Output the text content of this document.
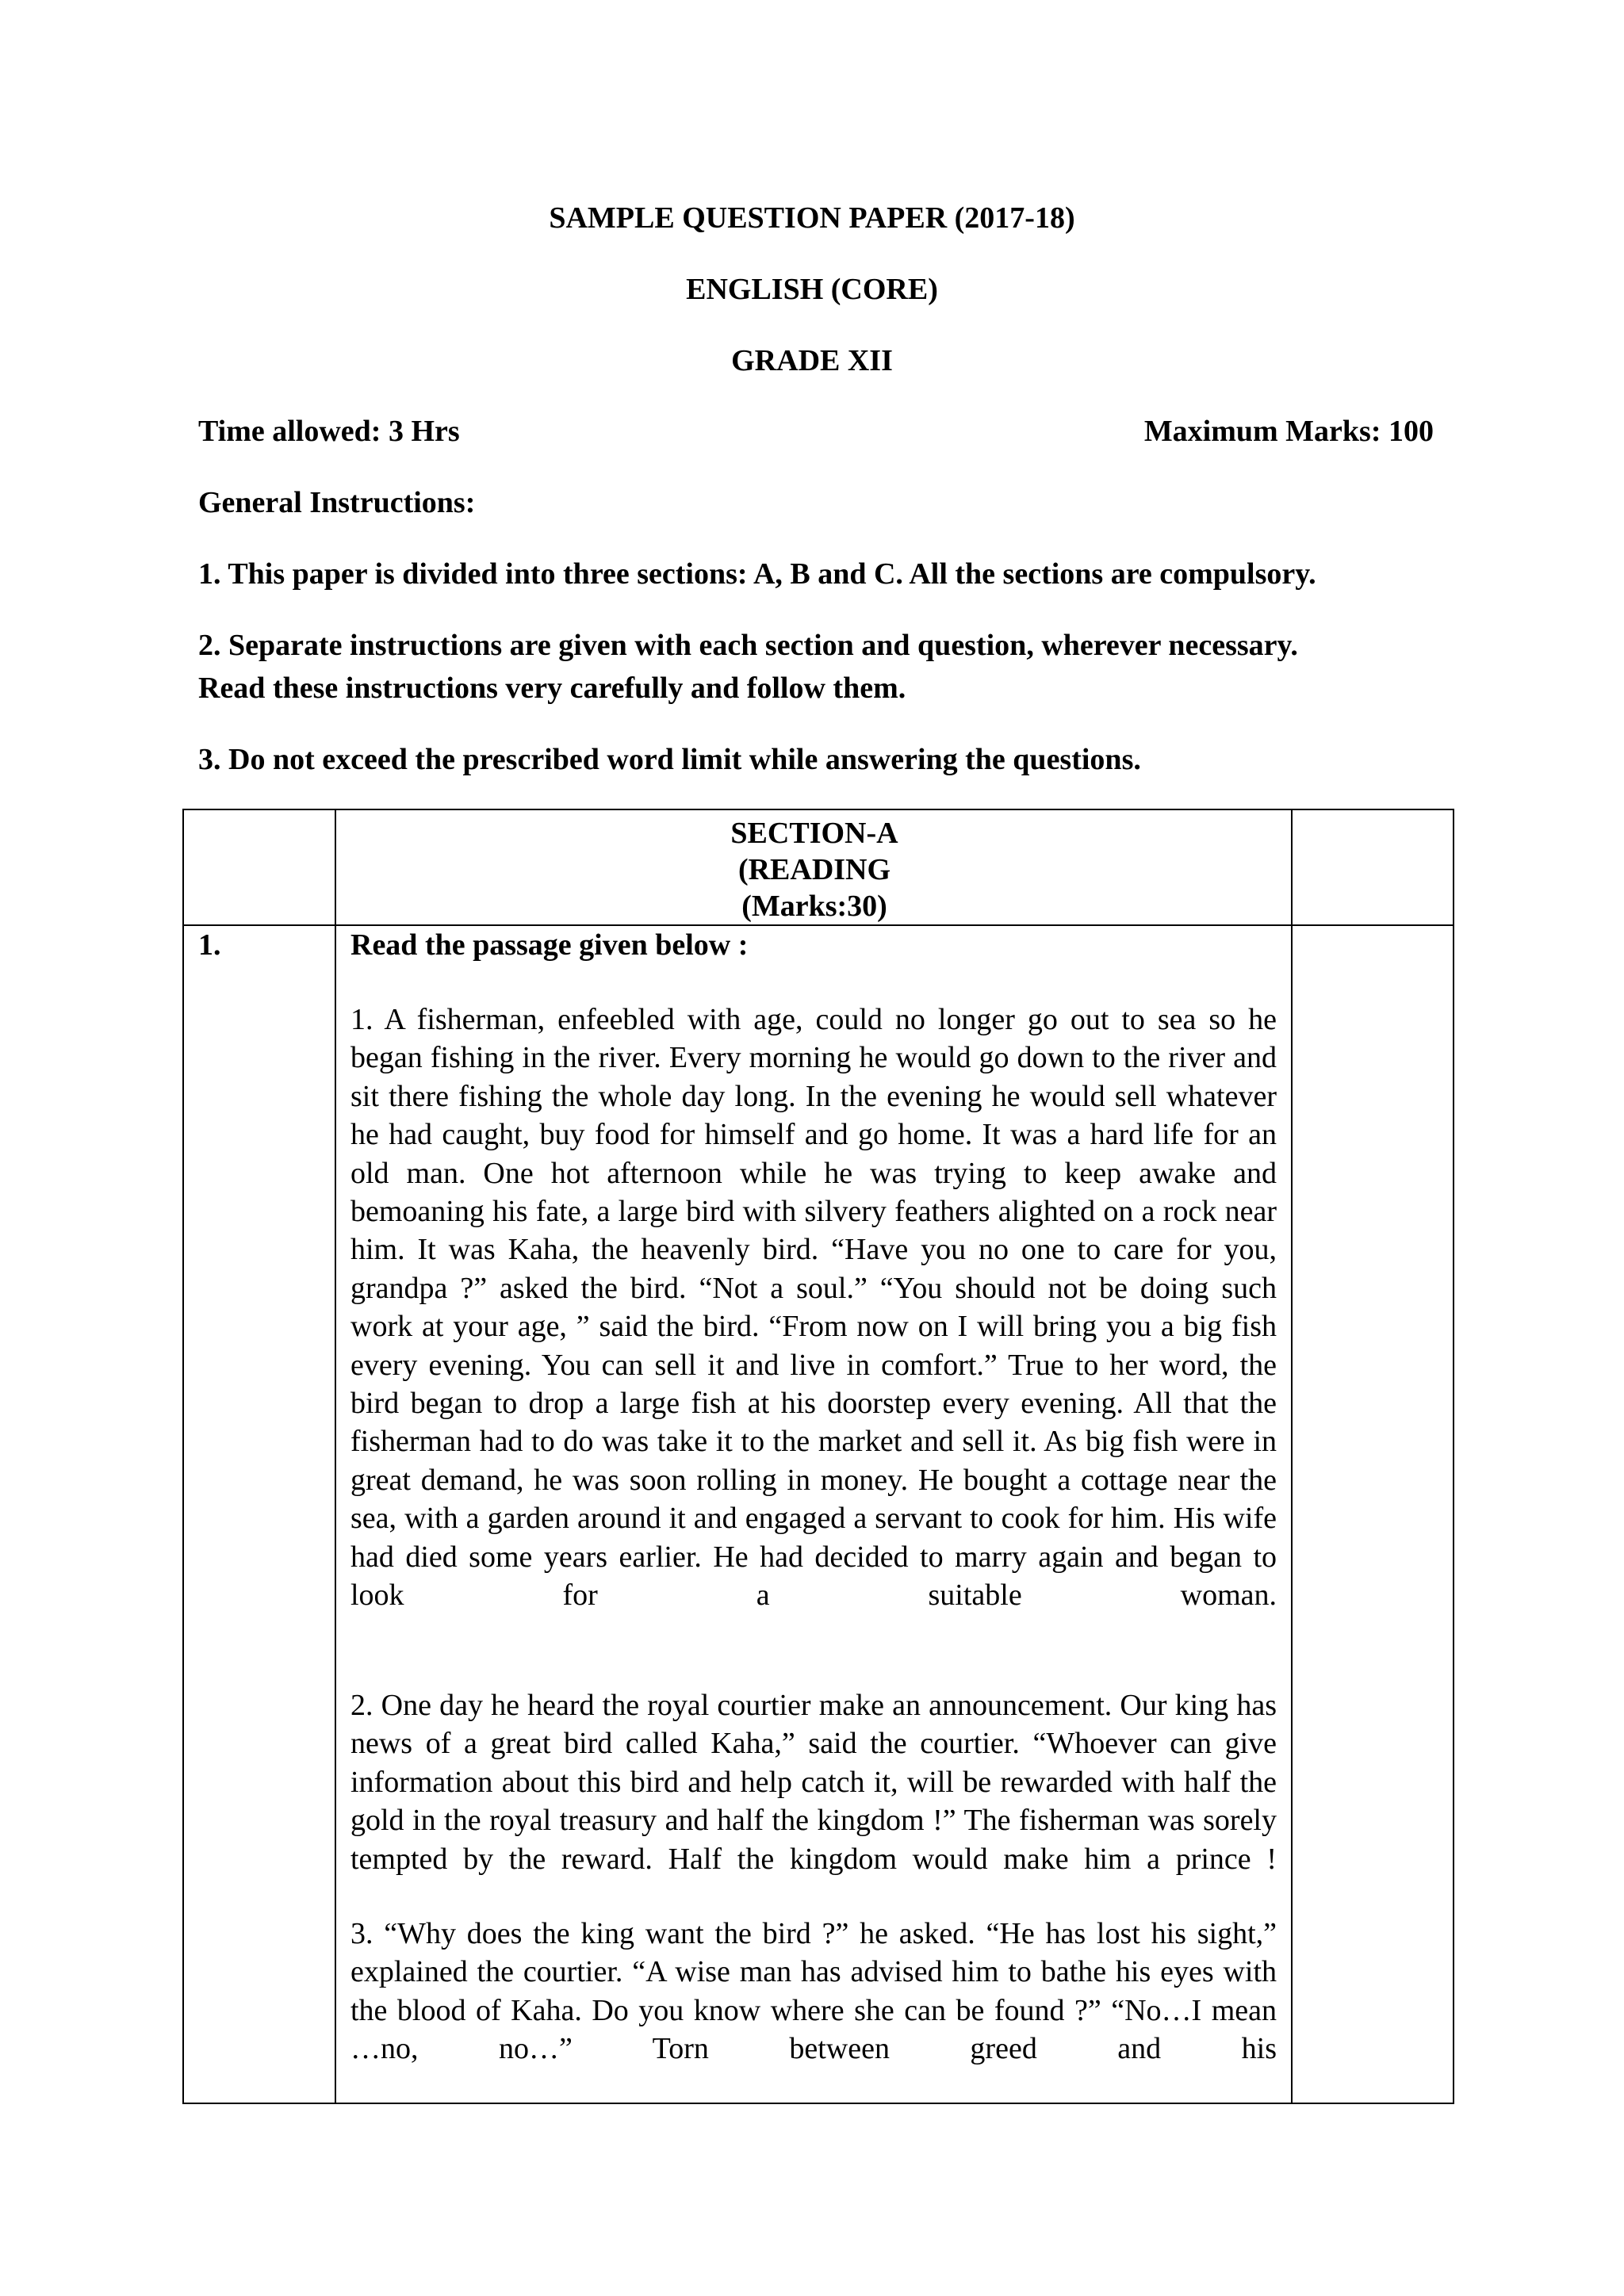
SAMPLE QUESTION PAPER (2017-18)
ENGLISH (CORE)
GRADE XII
Time allowed: 3 Hrs	Maximum Marks: 100
General Instructions:
1. This paper is divided into three sections: A, B and C. All the sections are compulsory.
2. Separate instructions are given with each section and question, wherever necessary.
Read these instructions very carefully and follow them.
3. Do not exceed the prescribed word limit while answering the questions.
SECTION-A
(READING
(Marks:30)
1.	Read the passage given below :
1. A fisherman, enfeebled with age, could no longer go out to sea so he began fishing in the river. Every morning he would go down to the river and sit there fishing the whole day long. In the evening he would sell whatever he had caught, buy food for himself and go home. It was a hard life for an old man. One hot afternoon while he was trying to keep awake and bemoaning his fate, a large bird with silvery feathers alighted on a rock near him. It was Kaha, the heavenly bird. “Have you no one to care for you, grandpa ?” asked the bird. “Not a soul.” “You should not be doing such work at your age, ” said the bird. “From now on I will bring you a big fish every evening. You can sell it and live in comfort.” True to her word, the bird began to drop a large fish at his doorstep every evening. All that the fisherman had to do was take it to the market and sell it. As big fish were in great demand, he was soon rolling in money. He bought a cottage near the sea, with a garden around it and engaged a servant to cook for him. His wife had died some years earlier. He had decided to marry again and began to look for a suitable woman.
2. One day he heard the royal courtier make an announcement. Our king has news of a great bird called Kaha,” said the courtier. “Whoever can give information about this bird and help catch it, will be rewarded with half the gold in the royal treasury and half the kingdom !” The fisherman was sorely tempted by the reward. Half the kingdom would make him a prince !
3. “Why does the king want the bird ?” he asked. “He has lost his sight,” explained the courtier. “A wise man has advised him to bathe his eyes with the blood of Kaha. Do you know where she can be found ?” “No…I mean …no, no…” Torn between greed and his
